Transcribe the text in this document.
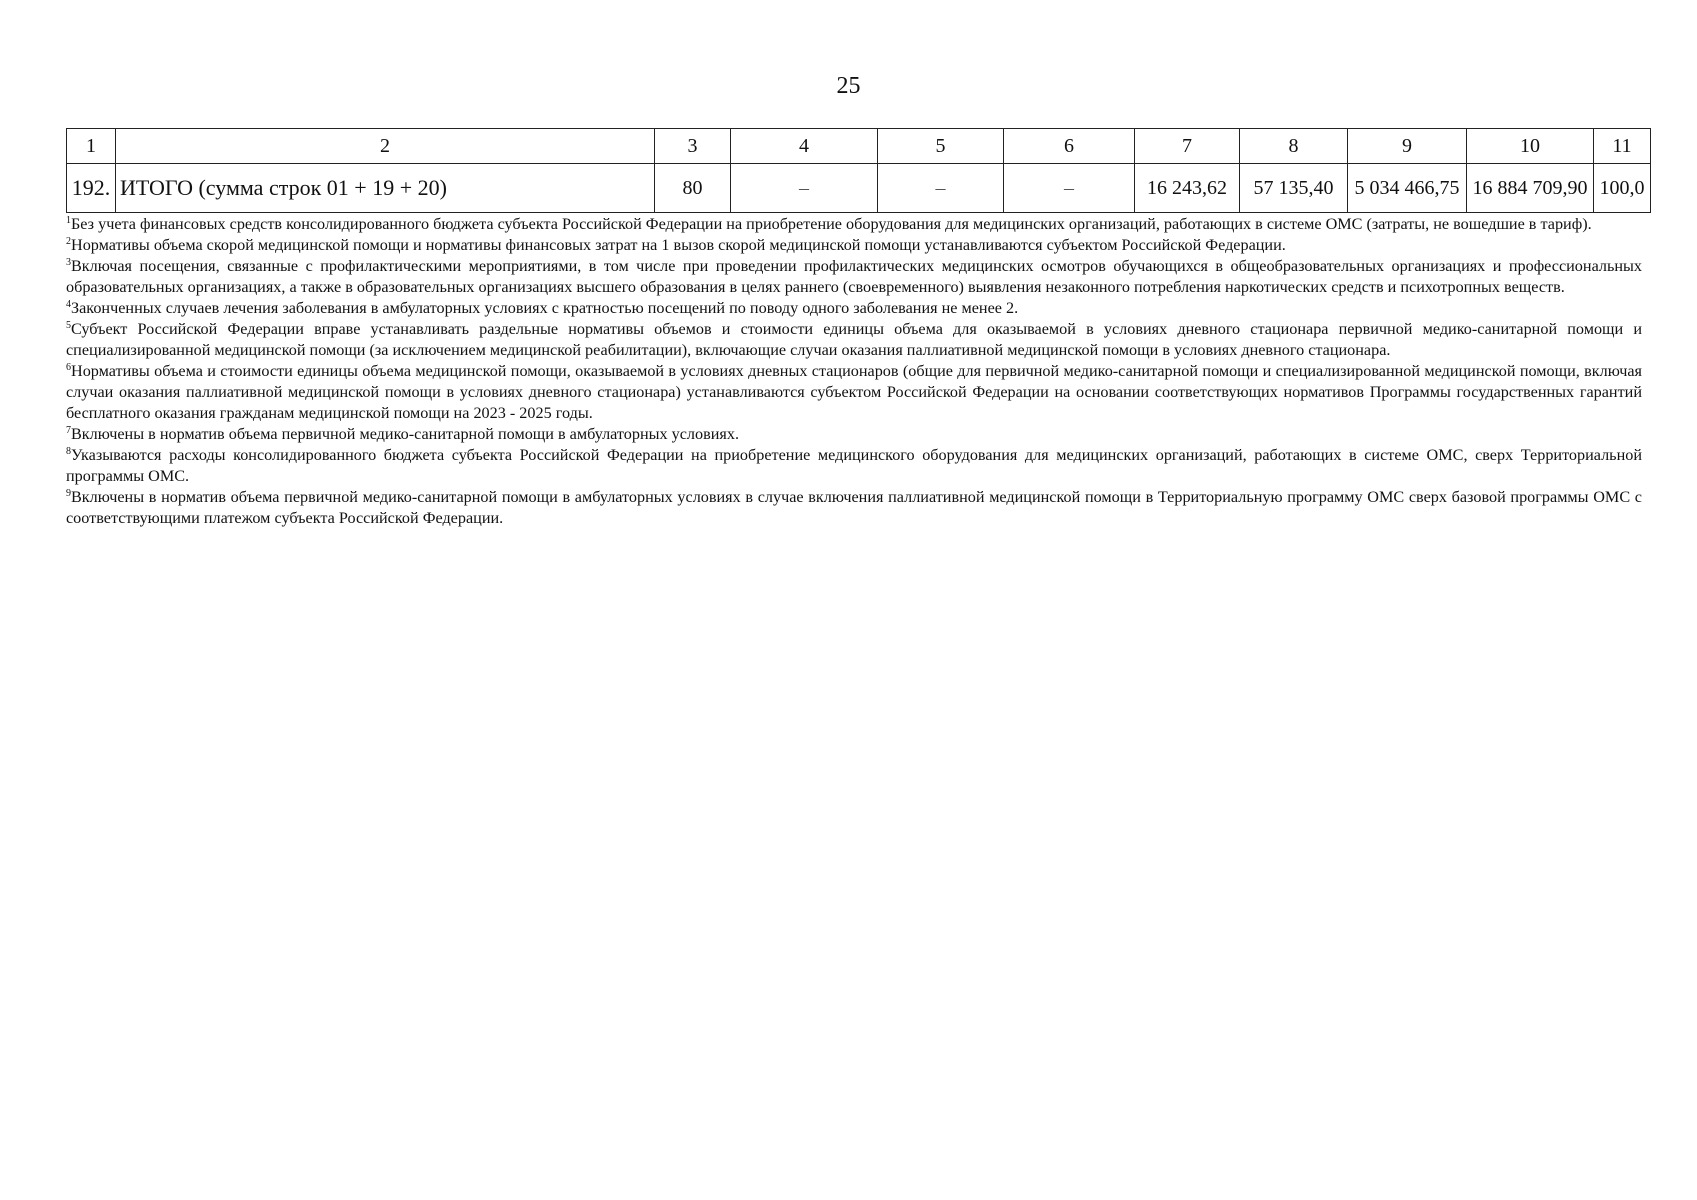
25
1	2	3	4	5	6	7	8	9	10	11
192.	ИТОГО (сумма строк 01 + 19 + 20)	80	–	–	–	16 243,62	57 135,40	5 034 466,75	16 884 709,90	100,0

$^1$Без учета финансовых средств консолидированного бюджета субъекта Российской Федерации на приобретение оборудования для медицинских организаций, работающих в системе ОМС (затраты, не вошедшие в тариф).

$^2$Нормативы объема скорой медицинской помощи и нормативы финансовых затрат на 1 вызов скорой медицинской помощи устанавливаются субъектом Российской Федерации.

$^3$Включая посещения, связанные с профилактическими мероприятиями, в том числе при проведении профилактических медицинских осмотров обучающихся в общеобразовательных организациях и профессиональных образовательных организациях, а также в образовательных организациях высшего образования в целях раннего (своевременного) выявления незаконного потребления наркотических средств и психотропных веществ.

$^4$Законченных случаев лечения заболевания в амбулаторных условиях с кратностью посещений по поводу одного заболевания не менее 2.

$^5$Субъект Российской Федерации вправе устанавливать раздельные нормативы объемов и стоимости единицы объема для оказываемой в условиях дневного стационара первичной медико-санитарной помощи и специализированной медицинской помощи (за исключением медицинской реабилитации), включающие случаи оказания паллиативной медицинской помощи в условиях дневного стационара.

$^6$Нормативы объема и стоимости единицы объема медицинской помощи, оказываемой в условиях дневных стационаров (общие для первичной медико-санитарной помощи и специализированной медицинской помощи, включая случаи оказания паллиативной медицинской помощи в условиях дневного стационара) устанавливаются субъектом Российской Федерации на основании соответствующих нормативов Программы государственных гарантий бесплатного оказания гражданам медицинской помощи на 2023 - 2025 годы.

$^7$Включены в норматив объема первичной медико-санитарной помощи в амбулаторных условиях.

$^8$Указываются расходы консолидированного бюджета субъекта Российской Федерации на приобретение медицинского оборудования для медицинских организаций, работающих в системе ОМС, сверх Территориальной программы ОМС.

$^9$Включены в норматив объема первичной медико-санитарной помощи в амбулаторных условиях в случае включения паллиативной медицинской помощи в Территориальную программу ОМС сверх базовой программы ОМС с соответствующими платежом субъекта Российской Федерации.
